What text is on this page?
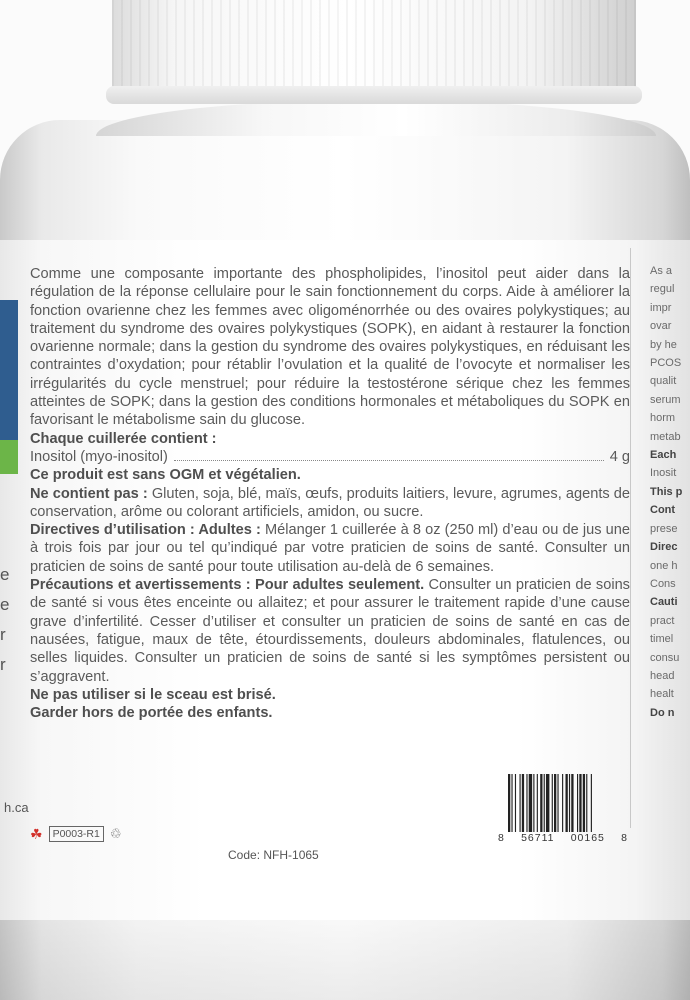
e
e
r
r

Comme une composante importante des phospholipides, l’inositol peut aider dans la régulation de la réponse cellulaire pour le sain fonctionnement du corps. Aide à améliorer la fonction ovarienne chez les femmes avec oligoménorrhée ou des ovaires polykystiques; au traitement du syndrome des ovaires polykystiques (SOPK), en aidant à restaurer la fonction ovarienne normale; dans la gestion du syndrome des ovaires polykystiques, en réduisant les contraintes d’oxydation; pour rétablir l’ovulation et la qualité de l’ovocyte et normaliser les irrégularités du cycle menstruel; pour réduire la testostérone sérique chez les femmes atteintes de SOPK; dans la gestion des conditions hormonales et métaboliques du SOPK en favorisant le métabolisme sain du glucose.

Chaque cuillerée contient :

Inositol (myo-inositol)	4 g

Ce produit est sans OGM et végétalien.

Ne contient pas : Gluten, soja, blé, maïs, œufs, produits laitiers, levure, agrumes, agents de conservation, arôme ou colorant artificiels, amidon, ou sucre.

Directives d’utilisation : Adultes : Mélanger 1 cuillerée à 8 oz (250 ml) d’eau ou de jus une à trois fois par jour ou tel qu’indiqué par votre praticien de soins de santé. Consulter un praticien de soins de santé pour toute utilisation au-delà de 6 semaines.

Précautions et avertissements : Pour adultes seulement. Consulter un praticien de soins de santé si vous êtes enceinte ou allaitez; et pour assurer le traitement rapide d’une cause grave d’infertilité. Cesser d’utiliser et consulter un praticien de soins de santé en cas de nausées, fatigue, maux de tête, étourdissements, douleurs abdominales, flatulences, ou selles liquides. Consulter un praticien de soins de santé si les symptômes persistent ou s’aggravent.

Ne pas utiliser si le sceau est brisé.

Garder hors de portée des enfants.

h.ca
☘ P0003-R1 ♲
Code: NFH-1065
8 56711 00165 8
As a
regul
impr
ovar
by he
PCOS
qualit
serum
horm
metab
Each
Inosit
This p
Cont
prese
Direc
one h
Cons
Cauti
pract
timel
consu
head
healt
Do n
